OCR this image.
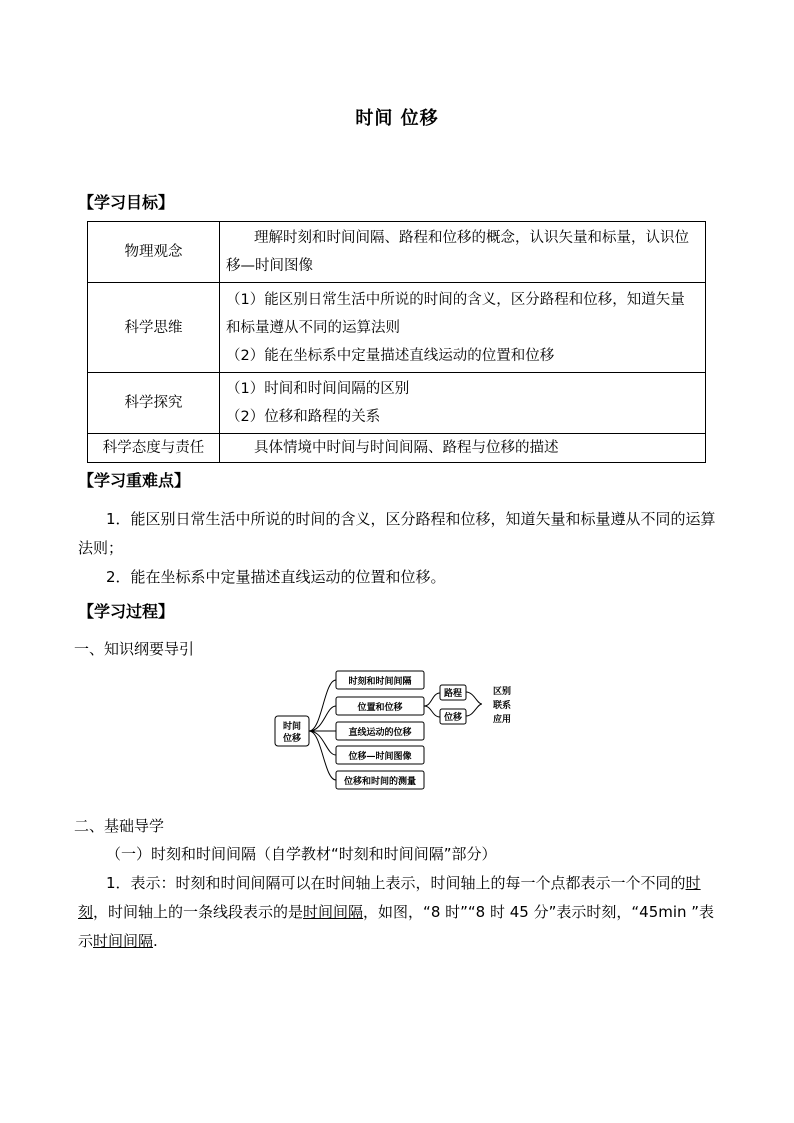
时间 位移
【学习目标】
物理观念	理解时刻和时间间隔、路程和位移的概念，认识矢量和标量，认识位移—时间图像
科学思维	（1）能区别日常生活中所说的时间的含义，区分路程和位移，知道矢量和标量遵从不同的运算法则
（2）能在坐标系中定量描述直线运动的位置和位移

科学探究	（1）时间和时间间隔的区别
（2）位移和路程的关系

科学态度与责任	具体情境中时间与时间间隔、路程与位移的描述
【学习重难点】
1．能区别日常生活中所说的时间的含义，区分路程和位移，知道矢量和标量遵从不同的运算法则；
2．能在坐标系中定量描述直线运动的位置和位移。
【学习过程】
一、知识纲要导引
时间
位移
时刻和时间间隔
位置和位移
直线运动的位移
位移—时间图像
位移和时间的测量
路程
位移
区别
联系
应用
二、基础导学
（一）时刻和时间间隔（自学教材“时刻和时间间隔”部分）
1．表示：时刻和时间间隔可以在时间轴上表示，时间轴上的每一个点都表示一个不同的时刻，时间轴上的一条线段表示的是时间间隔，如图，“8 时”“8 时 45 分”表示时刻，“45min ”表示时间间隔.
